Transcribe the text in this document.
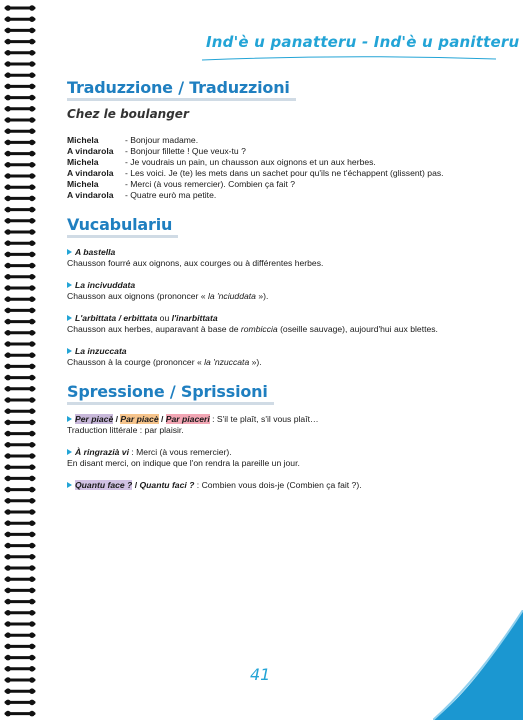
Ind'è u panatteru - Ind'è u panitteru
Traduzzione / Traduzzioni
Chez le boulanger
Michela	- Bonjour madame.
A vindarola	- Bonjour fillette ! Que veux-tu ?
Michela	- Je voudrais un pain, un chausson aux oignons et un aux herbes.
A vindarola	- Les voici. Je (te) les mets dans un sachet pour qu'ils ne t'échappent (glissent) pas.
Michela	- Merci (à vous remercier). Combien ça fait ?
A vindarola	- Quatre eurò ma petite.
Vucabulariu
A bastella
Chausson fourré aux oignons, aux courges ou à différentes herbes.
La incivuddata
Chausson aux oignons (prononcer « la 'nciuddata »).
L'arbittata / erbittata ou l'inarbittata
Chausson aux herbes, auparavant à base de rombiccia (oseille sauvage), aujourd'hui aux blettes.
La inzuccata
Chausson à la courge (prononcer « la 'nzuccata »).
Spressione / Sprissioni
Per piacè / Par piacè / Par piaceri : S'il te plaît, s'il vous plaît…
Traduction littérale : par plaisir.
À ringrazià vi : Merci (à vous remercier).
En disant merci, on indique que l'on rendra la pareille un jour.
Quantu face ? / Quantu faci ? : Combien vous dois-je (Combien ça fait ?).
41
